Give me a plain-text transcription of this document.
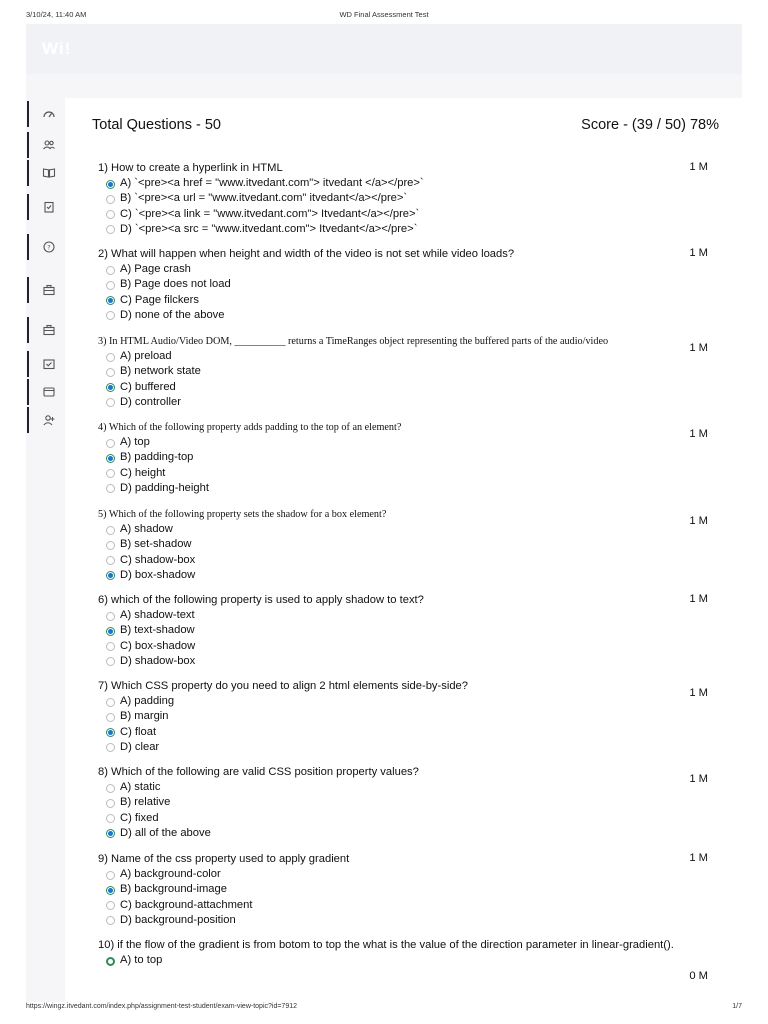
3/10/24, 11:40 AM	WD Final Assessment Test
Wi!
?
Total Questions - 50	Score - (39 / 50) 78%
1) How to create a hyperlink in HTML	1 M
A) `<pre><a href = "www.itvedant.com"> itvedant </a></pre>`
B) `<pre><a url = "www.itvedant.com" itvedant</a></pre>`
C) `<pre><a link = "www.itvedant.com"> Itvedant</a></pre>`
D) `<pre><a src = "www.itvedant.com"> Itvedant</a></pre>`
2) What will happen when height and width of the video is not set while video loads?	1 M
A) Page crash
B) Page does not load
C) Page filckers
D) none of the above
3) In HTML Audio/Video DOM, __________ returns a TimeRanges object representing the buffered parts of the audio/video
1 M
A) preload
B) network state
C) buffered
D) controller
4) Which of the following property adds padding to the top of an element?
1 M
A) top
B) padding-top
C) height
D) padding-height
5) Which of the following property sets the shadow for a box element?
1 M
A) shadow
B) set-shadow
C) shadow-box
D) box-shadow
6) which of the following property is used to apply shadow to text?	1 M
A) shadow-text
B) text-shadow
C) box-shadow
D) shadow-box
7) Which CSS property do you need to align 2 html elements side-by-side?
1 M
A) padding
B) margin
C) float
D) clear
8) Which of the following are valid CSS position property values?
1 M
A) static
B) relative
C) fixed
D) all of the above
9) Name of the css property used to apply gradient	1 M
A) background-color
B) background-image
C) background-attachment
D) background-position
10) if the flow of the gradient is from botom to top the what is the value of the direction parameter in linear-gradient().
0 M
A) to top
https://wingz.itvedant.com/index.php/assignment-test-student/exam-view-topic?id=7912	1/7
